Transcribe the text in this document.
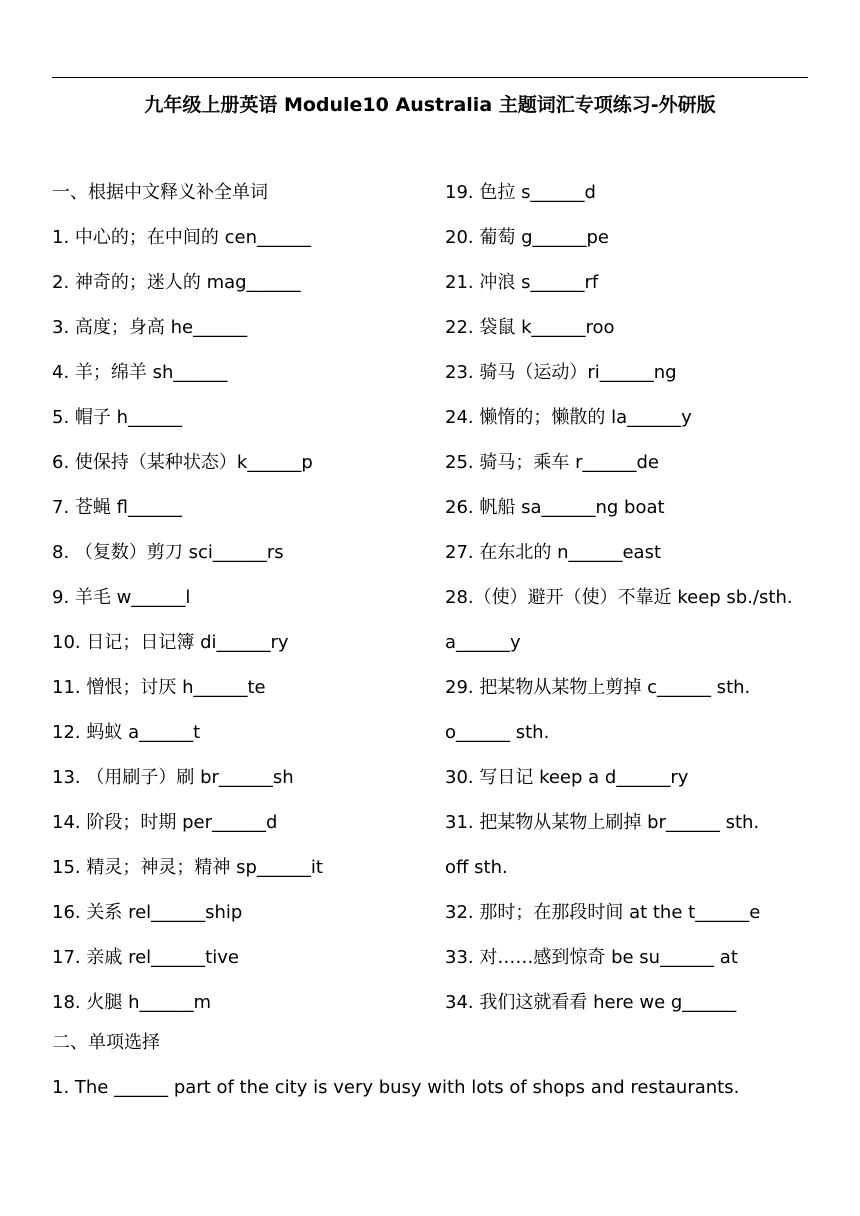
九年级上册英语 Module10 Australia 主题词汇专项练习-外研版
一、根据中文释义补全单词
1. 中心的；在中间的 cen______
2. 神奇的；迷人的 mag______
3. 高度；身高 he______
4. 羊；绵羊 sh______
5. 帽子 h______
6. 使保持（某种状态）k______p
7. 苍蝇 fl______
8. （复数）剪刀 sci______rs
9. 羊毛 w______l
10. 日记；日记簿 di______ry
11. 憎恨；讨厌 h______te
12. 蚂蚁 a______t
13. （用刷子）刷 br______sh
14. 阶段；时期 per______d
15. 精灵；神灵；精神 sp______it
16. 关系 rel______ship
17. 亲戚 rel______tive
18. 火腿 h______m
19. 色拉 s______d
20. 葡萄 g______pe
21. 冲浪 s______rf
22. 袋鼠 k______roo
23. 骑马（运动）ri______ng
24. 懒惰的；懒散的 la______y
25. 骑马；乘车 r______de
26. 帆船 sa______ng boat
27. 在东北的 n______east
28.（使）避开（使）不靠近 keep sb./sth.
a______y
29. 把某物从某物上剪掉 c______ sth.
o______ sth.
30. 写日记 keep a d______ry
31. 把某物从某物上刷掉 br______ sth.
off sth.
32. 那时；在那段时间 at the t______e
33. 对……感到惊奇 be su______ at
34. 我们这就看看 here we g______
二、单项选择
1. The ______ part of the city is very busy with lots of shops and restaurants.
